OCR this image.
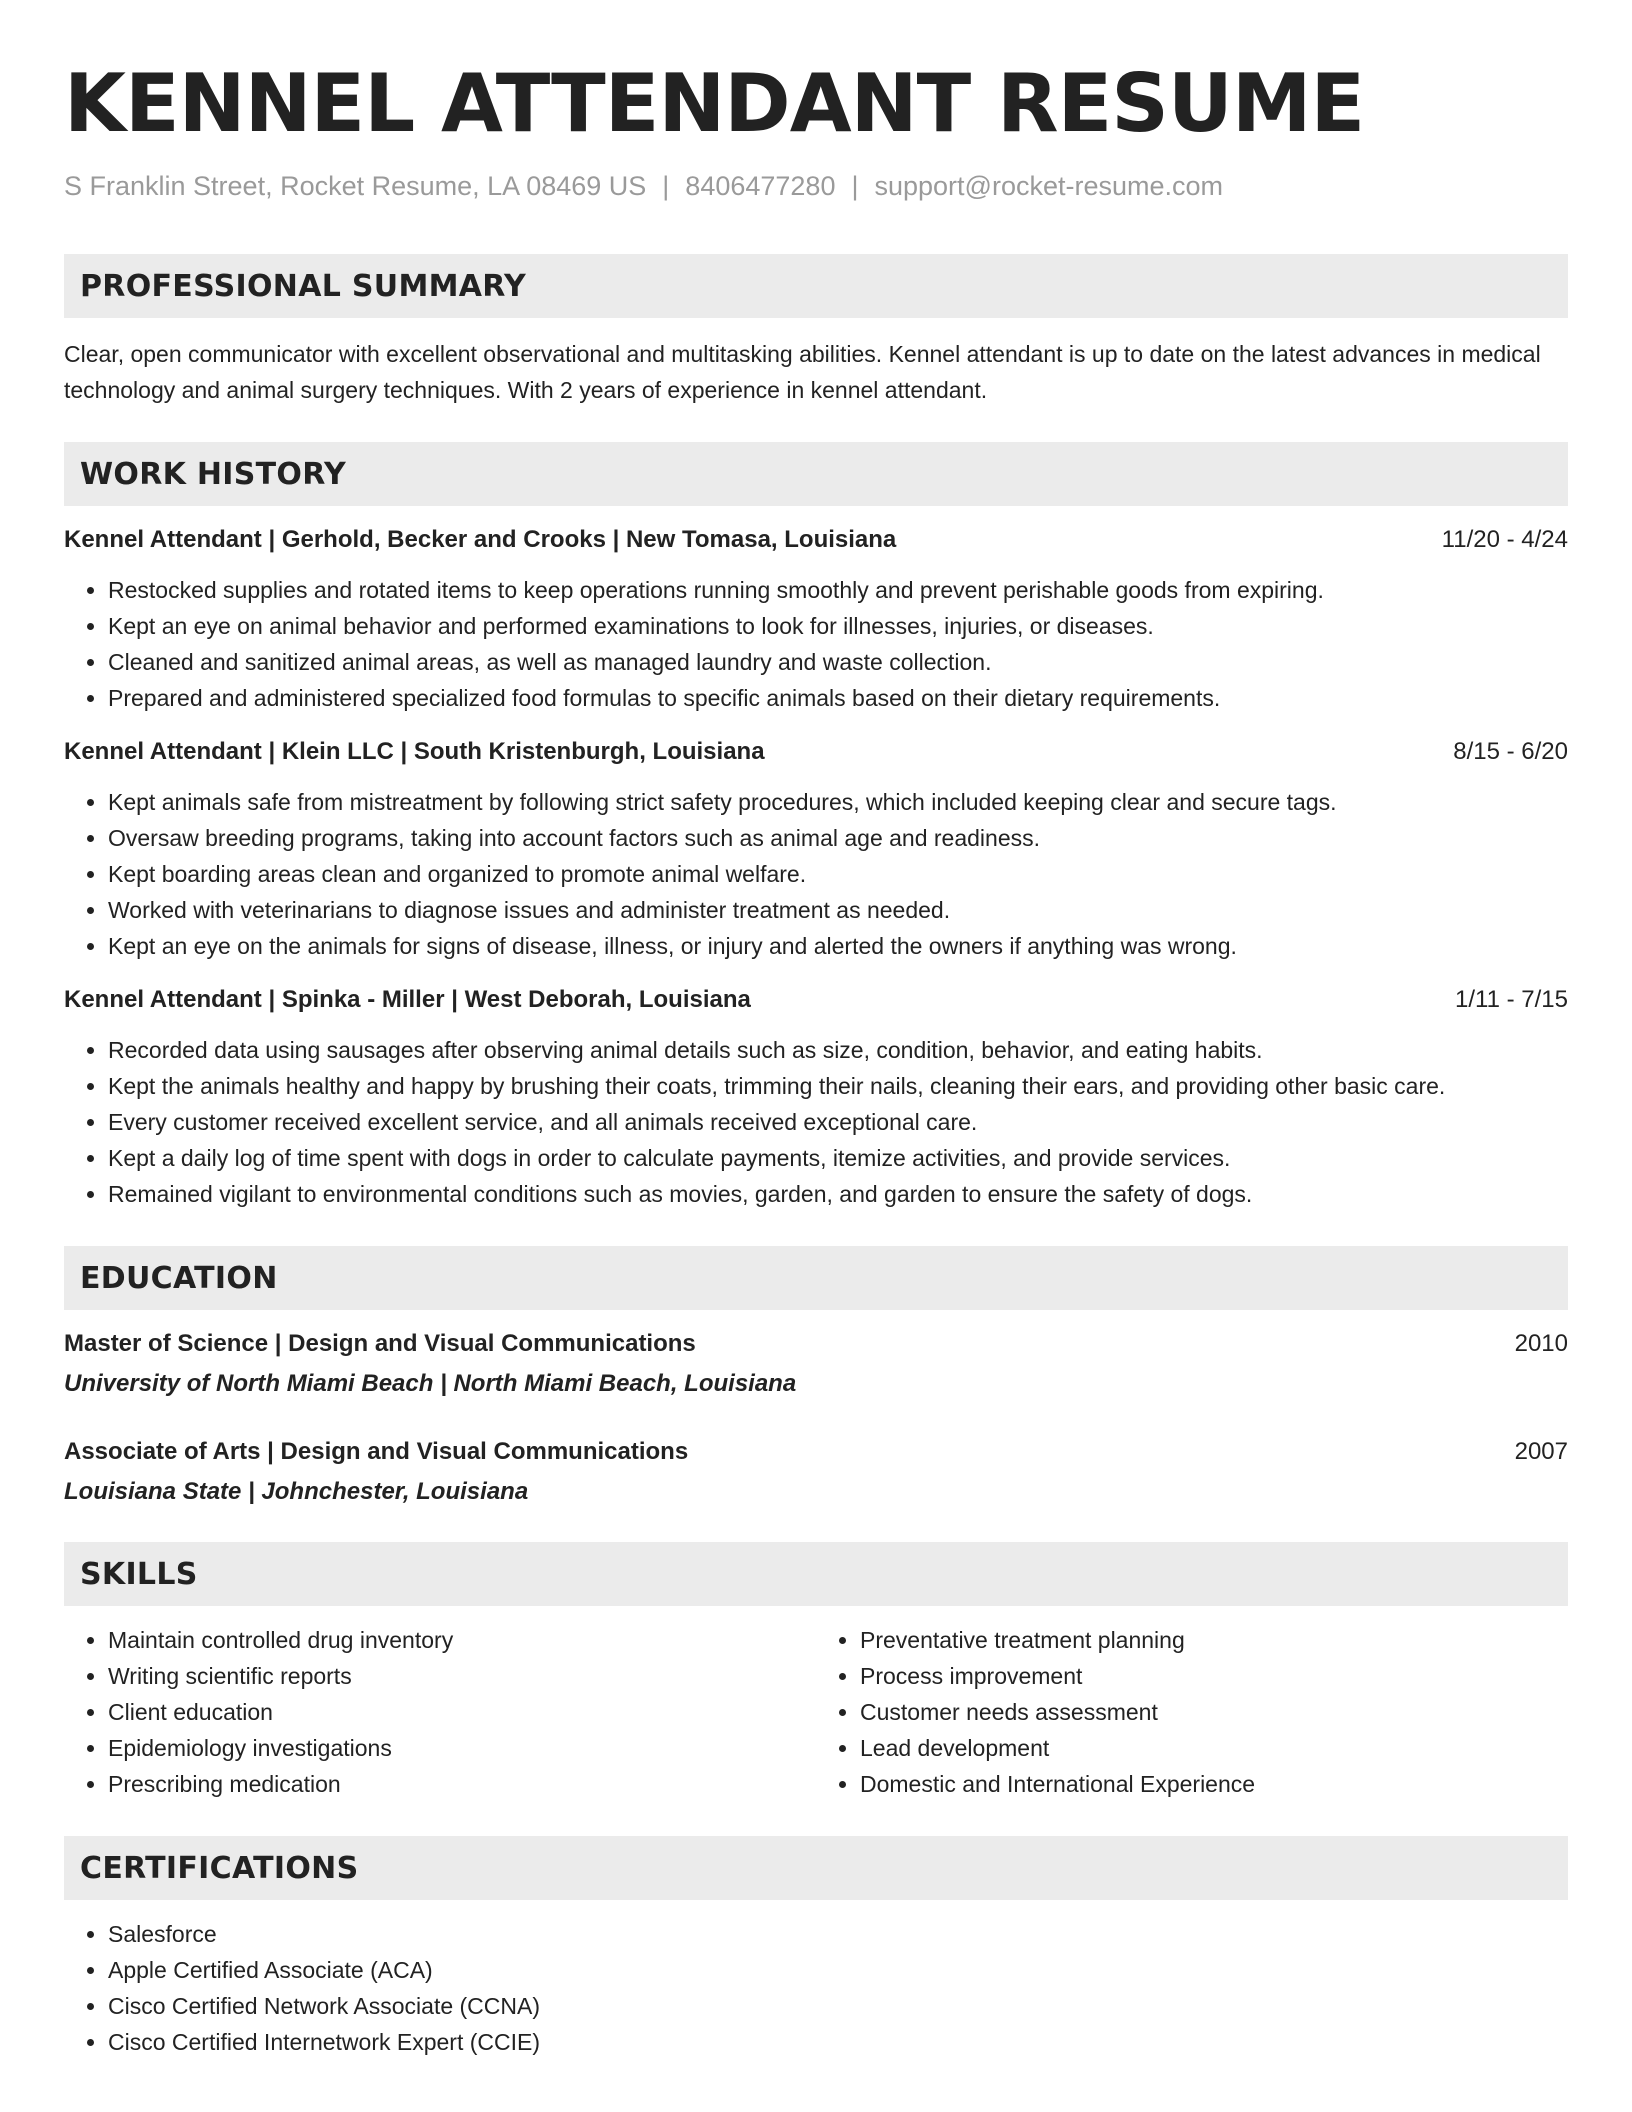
KENNEL ATTENDANT RESUME
S Franklin Street, Rocket Resume, LA 08469 US | 8406477280 | support@rocket-resume.com
PROFESSIONAL SUMMARY
Clear, open communicator with excellent observational and multitasking abilities. Kennel attendant is up to date on the latest advances in medical technology and animal surgery techniques. With 2 years of experience in kennel attendant.
WORK HISTORY
Kennel Attendant | Gerhold, Becker and Crooks | New Tomasa, Louisiana	11/20 - 4/24
• Restocked supplies and rotated items to keep operations running smoothly and prevent perishable goods from expiring.
• Kept an eye on animal behavior and performed examinations to look for illnesses, injuries, or diseases.
• Cleaned and sanitized animal areas, as well as managed laundry and waste collection.
• Prepared and administered specialized food formulas to specific animals based on their dietary requirements.
Kennel Attendant | Klein LLC | South Kristenburgh, Louisiana	8/15 - 6/20
• Kept animals safe from mistreatment by following strict safety procedures, which included keeping clear and secure tags.
• Oversaw breeding programs, taking into account factors such as animal age and readiness.
• Kept boarding areas clean and organized to promote animal welfare.
• Worked with veterinarians to diagnose issues and administer treatment as needed.
• Kept an eye on the animals for signs of disease, illness, or injury and alerted the owners if anything was wrong.
Kennel Attendant | Spinka - Miller | West Deborah, Louisiana	1/11 - 7/15
• Recorded data using sausages after observing animal details such as size, condition, behavior, and eating habits.
• Kept the animals healthy and happy by brushing their coats, trimming their nails, cleaning their ears, and providing other basic care.
• Every customer received excellent service, and all animals received exceptional care.
• Kept a daily log of time spent with dogs in order to calculate payments, itemize activities, and provide services.
• Remained vigilant to environmental conditions such as movies, garden, and garden to ensure the safety of dogs.
EDUCATION
Master of Science | Design and Visual Communications	2010
University of North Miami Beach | North Miami Beach, Louisiana
Associate of Arts | Design and Visual Communications	2007
Louisiana State | Johnchester, Louisiana
SKILLS
• Maintain controlled drug inventory
• Writing scientific reports
• Client education
• Epidemiology investigations
• Prescribing medication
• Preventative treatment planning
• Process improvement
• Customer needs assessment
• Lead development
• Domestic and International Experience
CERTIFICATIONS
• Salesforce
• Apple Certified Associate (ACA)
• Cisco Certified Network Associate (CCNA)
• Cisco Certified Internetwork Expert (CCIE)
